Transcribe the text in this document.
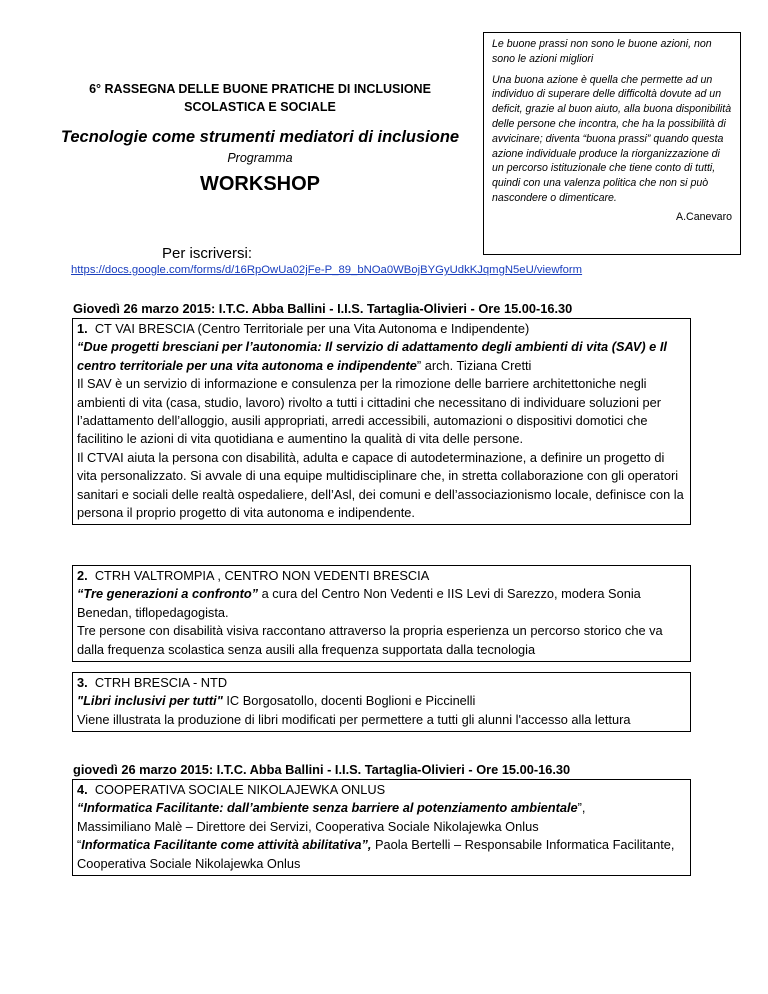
6° RASSEGNA DELLE BUONE PRATICHE DI INCLUSIONE
SCOLASTICA E SOCIALE
Tecnologie come strumenti mediatori di inclusione
Programma
WORKSHOP

Le buone prassi non sono le buone azioni, non sono le azioni migliori

Una buona azione è quella che permette ad un individuo di superare delle difficoltà dovute ad un deficit, grazie al buon aiuto, alla buona disponibilità delle persone che incontra, che ha la possibilità di avvicinare; diventa “buona prassi” quando questa azione individuale produce la riorganizzazione di un percorso istituzionale che tiene conto di tutti, quindi con una valenza politica che non si può nascondere o dimenticare.

A.Canevaro

Per iscriversi:
https://docs.google.com/forms/d/16RpOwUa02jFe-P_89_bNOa0WBojBYGyUdkKJqmgN5eU/viewform
Giovedì 26 marzo 2015: I.T.C. Abba Ballini - I.I.S. Tartaglia-Olivieri - Ore 15.00-16.30

1. CT VAI BRESCIA (Centro Territoriale per una Vita Autonoma e Indipendente)

“Due progetti bresciani per l’autonomia: Il servizio di adattamento degli ambienti di vita (SAV) e Il centro territoriale per una vita autonoma e indipendente” arch. Tiziana Cretti

Il SAV è un servizio di informazione e consulenza per la rimozione delle barriere architettoniche negli ambienti di vita (casa, studio, lavoro) rivolto a tutti i cittadini che necessitano di individuare soluzioni per l’adattamento dell’alloggio, ausili appropriati, arredi accessibili, automazioni o dispositivi domotici che facilitino le azioni di vita quotidiana e aumentino la qualità di vita delle persone.

Il CTVAI aiuta la persona con disabilità, adulta e capace di autodeterminazione, a definire un progetto di vita personalizzato. Si avvale di una equipe multidisciplinare che, in stretta collaborazione con gli operatori sanitari e sociali delle realtà ospedaliere, dell’Asl, dei comuni e dell’associazionismo locale, definisce con la persona il proprio progetto di vita autonoma e indipendente.

2. CTRH VALTROMPIA , CENTRO NON VEDENTI BRESCIA

“Tre generazioni a confronto” a cura del Centro Non Vedenti e IIS Levi di Sarezzo, modera Sonia Benedan, tiflopedagogista.

Tre persone con disabilità visiva raccontano attraverso la propria esperienza un percorso storico che va dalla frequenza scolastica senza ausili alla frequenza supportata dalla tecnologia

3. CTRH BRESCIA - NTD

"Libri inclusivi per tutti" IC Borgosatollo, docenti Boglioni e Piccinelli

Viene illustrata la produzione di libri modificati per permettere a tutti gli alunni l'accesso alla lettura

giovedì 26 marzo 2015: I.T.C. Abba Ballini - I.I.S. Tartaglia-Olivieri - Ore 15.00-16.30

4. COOPERATIVA SOCIALE NIKOLAJEWKA ONLUS

“Informatica Facilitante: dall’ambiente senza barriere al potenziamento ambientale”,

Massimiliano Malè – Direttore dei Servizi, Cooperativa Sociale Nikolajewka Onlus

“Informatica Facilitante come attività abilitativa”, Paola Bertelli – Responsabile Informatica Facilitante, Cooperativa Sociale Nikolajewka Onlus
